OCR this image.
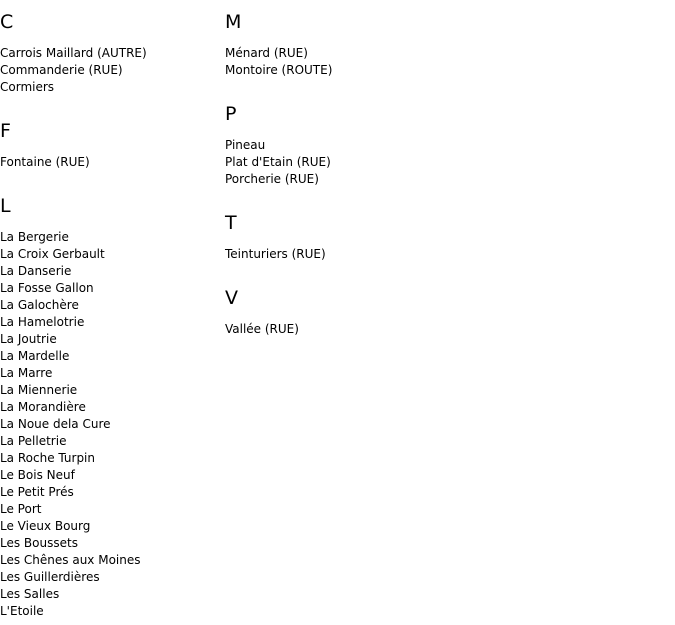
C
Carrois Maillard (AUTRE)
Commanderie (RUE)
Cormiers
F
Fontaine (RUE)
L
La Bergerie
La Croix Gerbault
La Danserie
La Fosse Gallon
La Galochère
La Hamelotrie
La Joutrie
La Mardelle
La Marre
La Miennerie
La Morandière
La Noue dela Cure
La Pelletrie
La Roche Turpin
Le Bois Neuf
Le Petit Prés
Le Port
Le Vieux Bourg
Les Boussets
Les Chênes aux Moines
Les Guillerdières
Les Salles
L'Etoile
M
Ménard (RUE)
Montoire (ROUTE)
P
Pineau
Plat d'Etain (RUE)
Porcherie (RUE)
T
Teinturiers (RUE)
V
Vallée (RUE)
